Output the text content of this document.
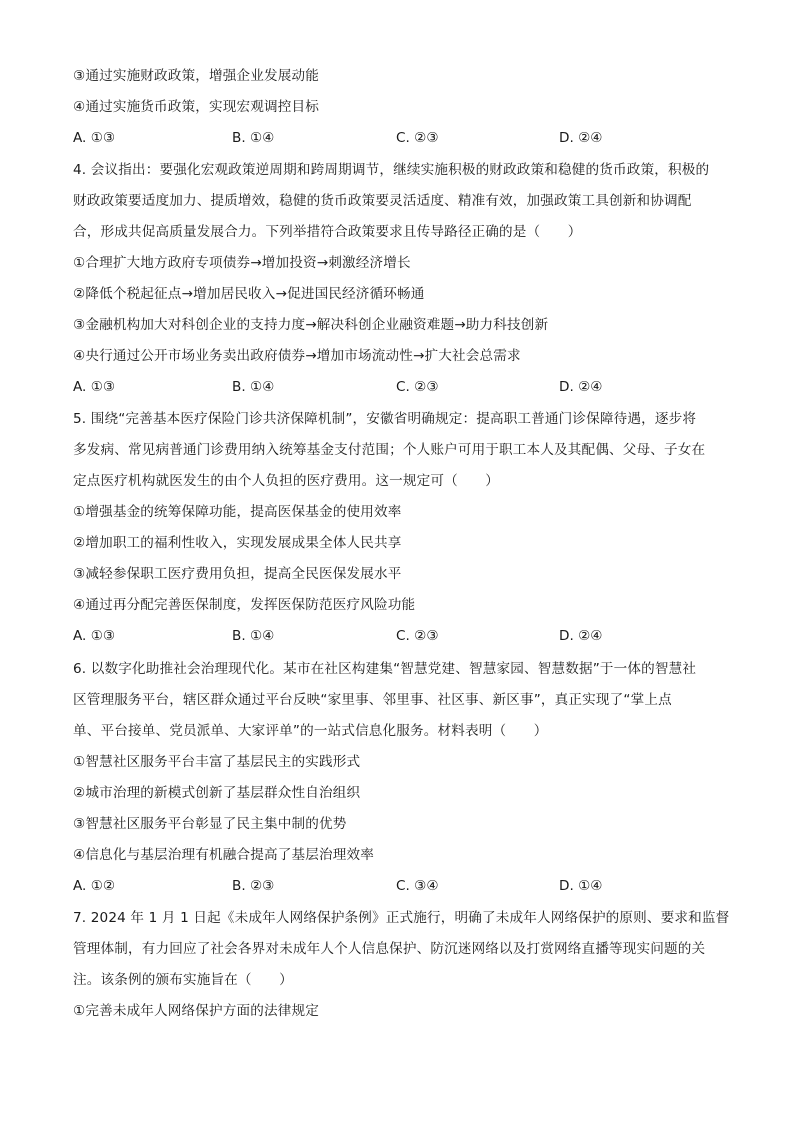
③通过实施财政政策，增强企业发展动能
④通过实施货币政策，实现宏观调控目标
A. ①③	B. ①④	C. ②③	D. ②④
4. 会议指出：要强化宏观政策逆周期和跨周期调节，继续实施积极的财政政策和稳健的货币政策，积极的
财政政策要适度加力、提质增效，稳健的货币政策要灵活适度、精准有效，加强政策工具创新和协调配
合，形成共促高质量发展合力。下列举措符合政策要求且传导路径正确的是（　　）
①合理扩大地方政府专项债券→增加投资→刺激经济增长
②降低个税起征点→增加居民收入→促进国民经济循环畅通
③金融机构加大对科创企业的支持力度→解决科创企业融资难题→助力科技创新
④央行通过公开市场业务卖出政府债券→增加市场流动性→扩大社会总需求
A. ①③	B. ①④	C. ②③	D. ②④
5. 围绕“完善基本医疗保险门诊共济保障机制”，安徽省明确规定：提高职工普通门诊保障待遇，逐步将
多发病、常见病普通门诊费用纳入统筹基金支付范围；个人账户可用于职工本人及其配偶、父母、子女在
定点医疗机构就医发生的由个人负担的医疗费用。这一规定可（　　）
①增强基金的统筹保障功能，提高医保基金的使用效率
②增加职工的福利性收入，实现发展成果全体人民共享
③减轻参保职工医疗费用负担，提高全民医保发展水平
④通过再分配完善医保制度，发挥医保防范医疗风险功能
A. ①③	B. ①④	C. ②③	D. ②④
6. 以数字化助推社会治理现代化。某市在社区构建集“智慧党建、智慧家园、智慧数据”于一体的智慧社
区管理服务平台，辖区群众通过平台反映“家里事、邻里事、社区事、新区事”，真正实现了“掌上点
单、平台接单、党员派单、大家评单”的一站式信息化服务。材料表明（　　）
①智慧社区服务平台丰富了基层民主的实践形式
②城市治理的新模式创新了基层群众性自治组织
③智慧社区服务平台彰显了民主集中制的优势
④信息化与基层治理有机融合提高了基层治理效率
A. ①②	B. ②③	C. ③④	D. ①④
7. 2024 年 1 月 1 日起《未成年人网络保护条例》正式施行，明确了未成年人网络保护的原则、要求和监督
管理体制，有力回应了社会各界对未成年人个人信息保护、防沉迷网络以及打赏网络直播等现实问题的关
注。该条例的颁布实施旨在（　　）
①完善未成年人网络保护方面的法律规定
